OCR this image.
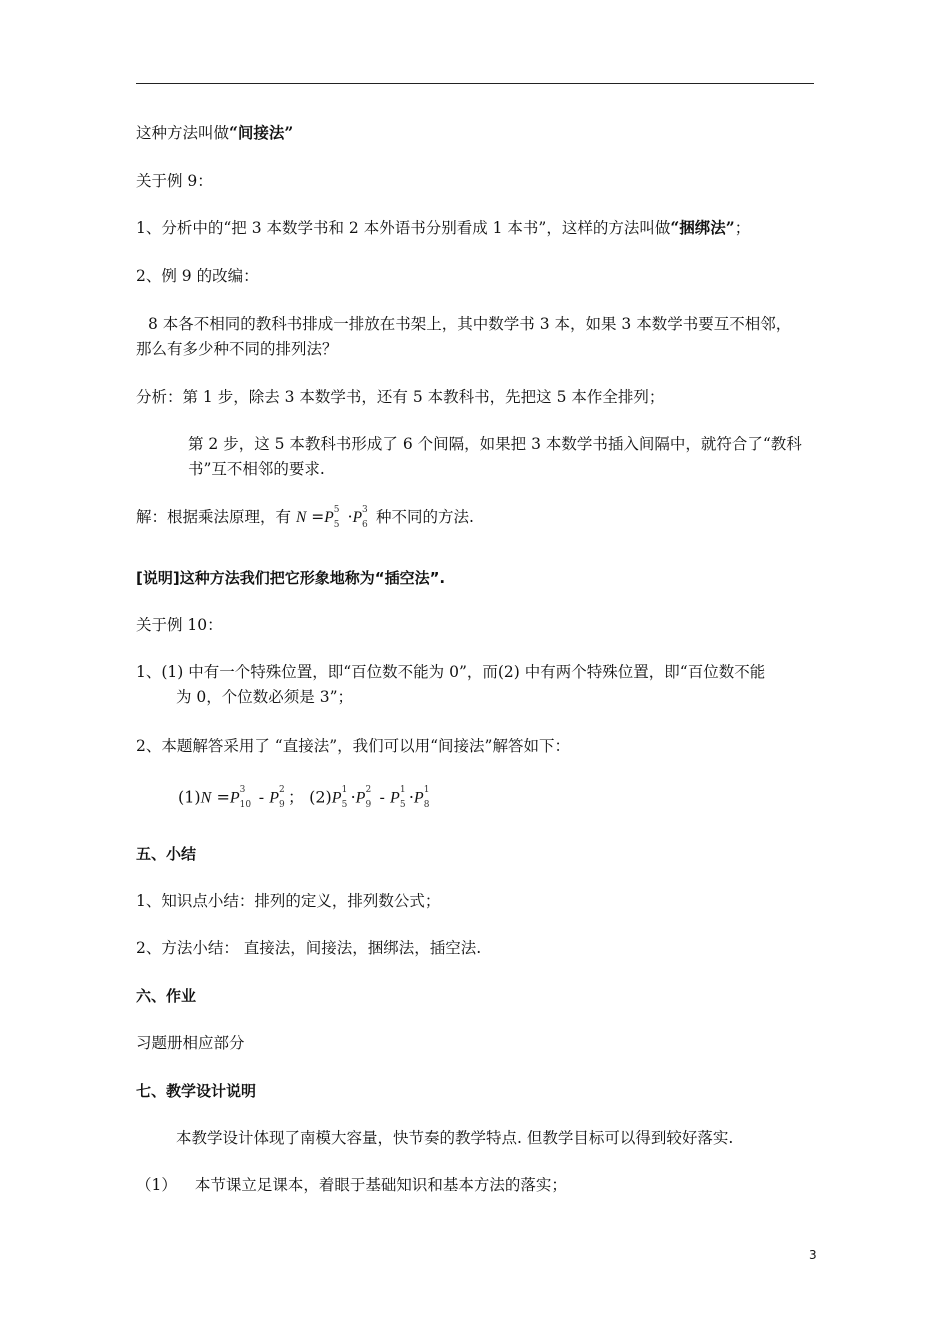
这种方法叫做“间接法”
关于例 9：
1、分析中的“把 3 本数学书和 2 本外语书分别看成 1 本书”，这样的方法叫做“捆绑法”；
2、例 9 的改编：
8 本各不相同的教科书排成一排放在书架上，其中数学书 3 本，如果 3 本数学书要互不相邻，
那么有多少种不同的排列法？
分析：第 1 步，除去 3 本数学书，还有 5 本教科书，先把这 5 本作全排列；
第 2 步，这 5 本教科书形成了 6 个间隔，如果把 3 本数学书插入间隔中，就符合了“教科
书”互不相邻的要求.
解：根据乘法原理，有 N =P 5
5 ·P 3
6 种不同的方法.
[说明]这种方法我们把它形象地称为“插空法”.
关于例 10：
1、(1) 中有一个特殊位置，即“百位数不能为 0”，而(2) 中有两个特殊位置，即“百位数不能
为 0，个位数必须是 3”；
2、本题解答采用了 “直接法”，我们可以用“间接法”解答如下：
(1)N =P 3
10 - P 2
9 ； (2)P 1
5 ·P 2
9 - P 1
5 ·P 1
8
五、小结
1、知识点小结：排列的定义，排列数公式；
2、方法小结： 直接法，间接法，捆绑法，插空法.
六、作业
习题册相应部分
七、教学设计说明
本教学设计体现了南模大容量，快节奏的教学特点. 但教学目标可以得到较好落实.
（1） 本节课立足课本，着眼于基础知识和基本方法的落实；
3
